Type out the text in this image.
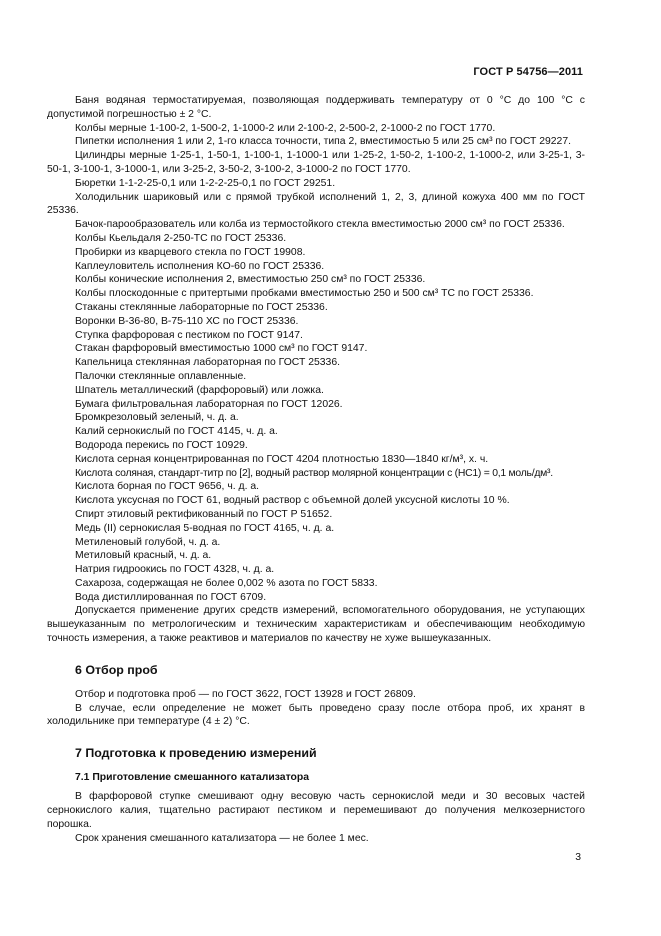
ГОСТ Р 54756—2011

Баня водяная термостатируемая, позволяющая поддерживать температуру от 0 °С до 100 °С с допустимой погрешностью ± 2 °С.

Колбы мерные 1-100-2, 1-500-2, 1-1000-2 или 2-100-2, 2-500-2, 2-1000-2 по ГОСТ 1770.

Пипетки исполнения 1 или 2, 1-го класса точности, типа 2, вместимостью 5 или 25 см³ по ГОСТ 29227.

Цилиндры мерные 1-25-1, 1-50-1, 1-100-1, 1-1000-1 или 1-25-2, 1-50-2, 1-100-2, 1-1000-2, или 3-25-1, 3-50-1, 3-100-1, 3-1000-1, или 3-25-2, 3-50-2, 3-100-2, 3-1000-2 по ГОСТ 1770.

Бюретки 1-1-2-25-0,1 или 1-2-2-25-0,1 по ГОСТ 29251.

Холодильник шариковый или с прямой трубкой исполнений 1, 2, 3, длиной кожуха 400 мм по ГОСТ 25336.

Бачок-парообразователь или колба из термостойкого стекла вместимостью 2000 см³ по ГОСТ 25336.

Колбы Кьельдаля 2-250-ТС по ГОСТ 25336.

Пробирки из кварцевого стекла по ГОСТ 19908.

Каплеуловитель исполнения КО-60 по ГОСТ 25336.

Колбы конические исполнения 2, вместимостью 250 см³ по ГОСТ 25336.

Колбы плоскодонные с притертыми пробками вместимостью 250 и 500 см³ ТС по ГОСТ 25336.

Стаканы стеклянные лабораторные по ГОСТ 25336.

Воронки В-36-80, В-75-110 ХС по ГОСТ 25336.

Ступка фарфоровая с пестиком по ГОСТ 9147.

Стакан фарфоровый вместимостью 1000 см³ по ГОСТ 9147.

Капельница стеклянная лабораторная по ГОСТ 25336.

Палочки стеклянные оплавленные.

Шпатель металлический (фарфоровый) или ложка.

Бумага фильтровальная лабораторная по ГОСТ 12026.

Бромкрезоловый зеленый, ч. д. а.

Калий сернокислый по ГОСТ 4145, ч. д. а.

Водорода перекись по ГОСТ 10929.

Кислота серная концентрированная по ГОСТ 4204 плотностью 1830—1840 кг/м³, х. ч.

Кислота соляная, стандарт-титр по [2], водный раствор молярной концентрации с (HC1) = 0,1 моль/дм³.

Кислота борная по ГОСТ 9656, ч. д. а.

Кислота уксусная по ГОСТ 61, водный раствор с объемной долей уксусной кислоты 10 %.

Спирт этиловый ректификованный по ГОСТ Р 51652.

Медь (II) сернокислая 5-водная по ГОСТ 4165, ч. д. а.

Метиленовый голубой, ч. д. а.

Метиловый красный, ч. д. а.

Натрия гидроокись по ГОСТ 4328, ч. д. а.

Сахароза, содержащая не более 0,002 % азота по ГОСТ 5833.

Вода дистиллированная по ГОСТ 6709.

Допускается применение других средств измерений, вспомогательного оборудования, не уступающих вышеуказанным по метрологическим и техническим характеристикам и обеспечивающим необходимую точность измерения, а также реактивов и материалов по качеству не хуже вышеуказанных.

6 Отбор проб

Отбор и подготовка проб — по ГОСТ 3622, ГОСТ 13928 и ГОСТ 26809.

В случае, если определение не может быть проведено сразу после отбора проб, их хранят в холодильнике при температуре (4 ± 2) °С.

7 Подготовка к проведению измерений
7.1 Приготовление смешанного катализатора

В фарфоровой ступке смешивают одну весовую часть сернокислой меди и 30 весовых частей сернокислого калия, тщательно растирают пестиком и перемешивают до получения мелкозернистого порошка.

Срок хранения смешанного катализатора — не более 1 мес.

3
